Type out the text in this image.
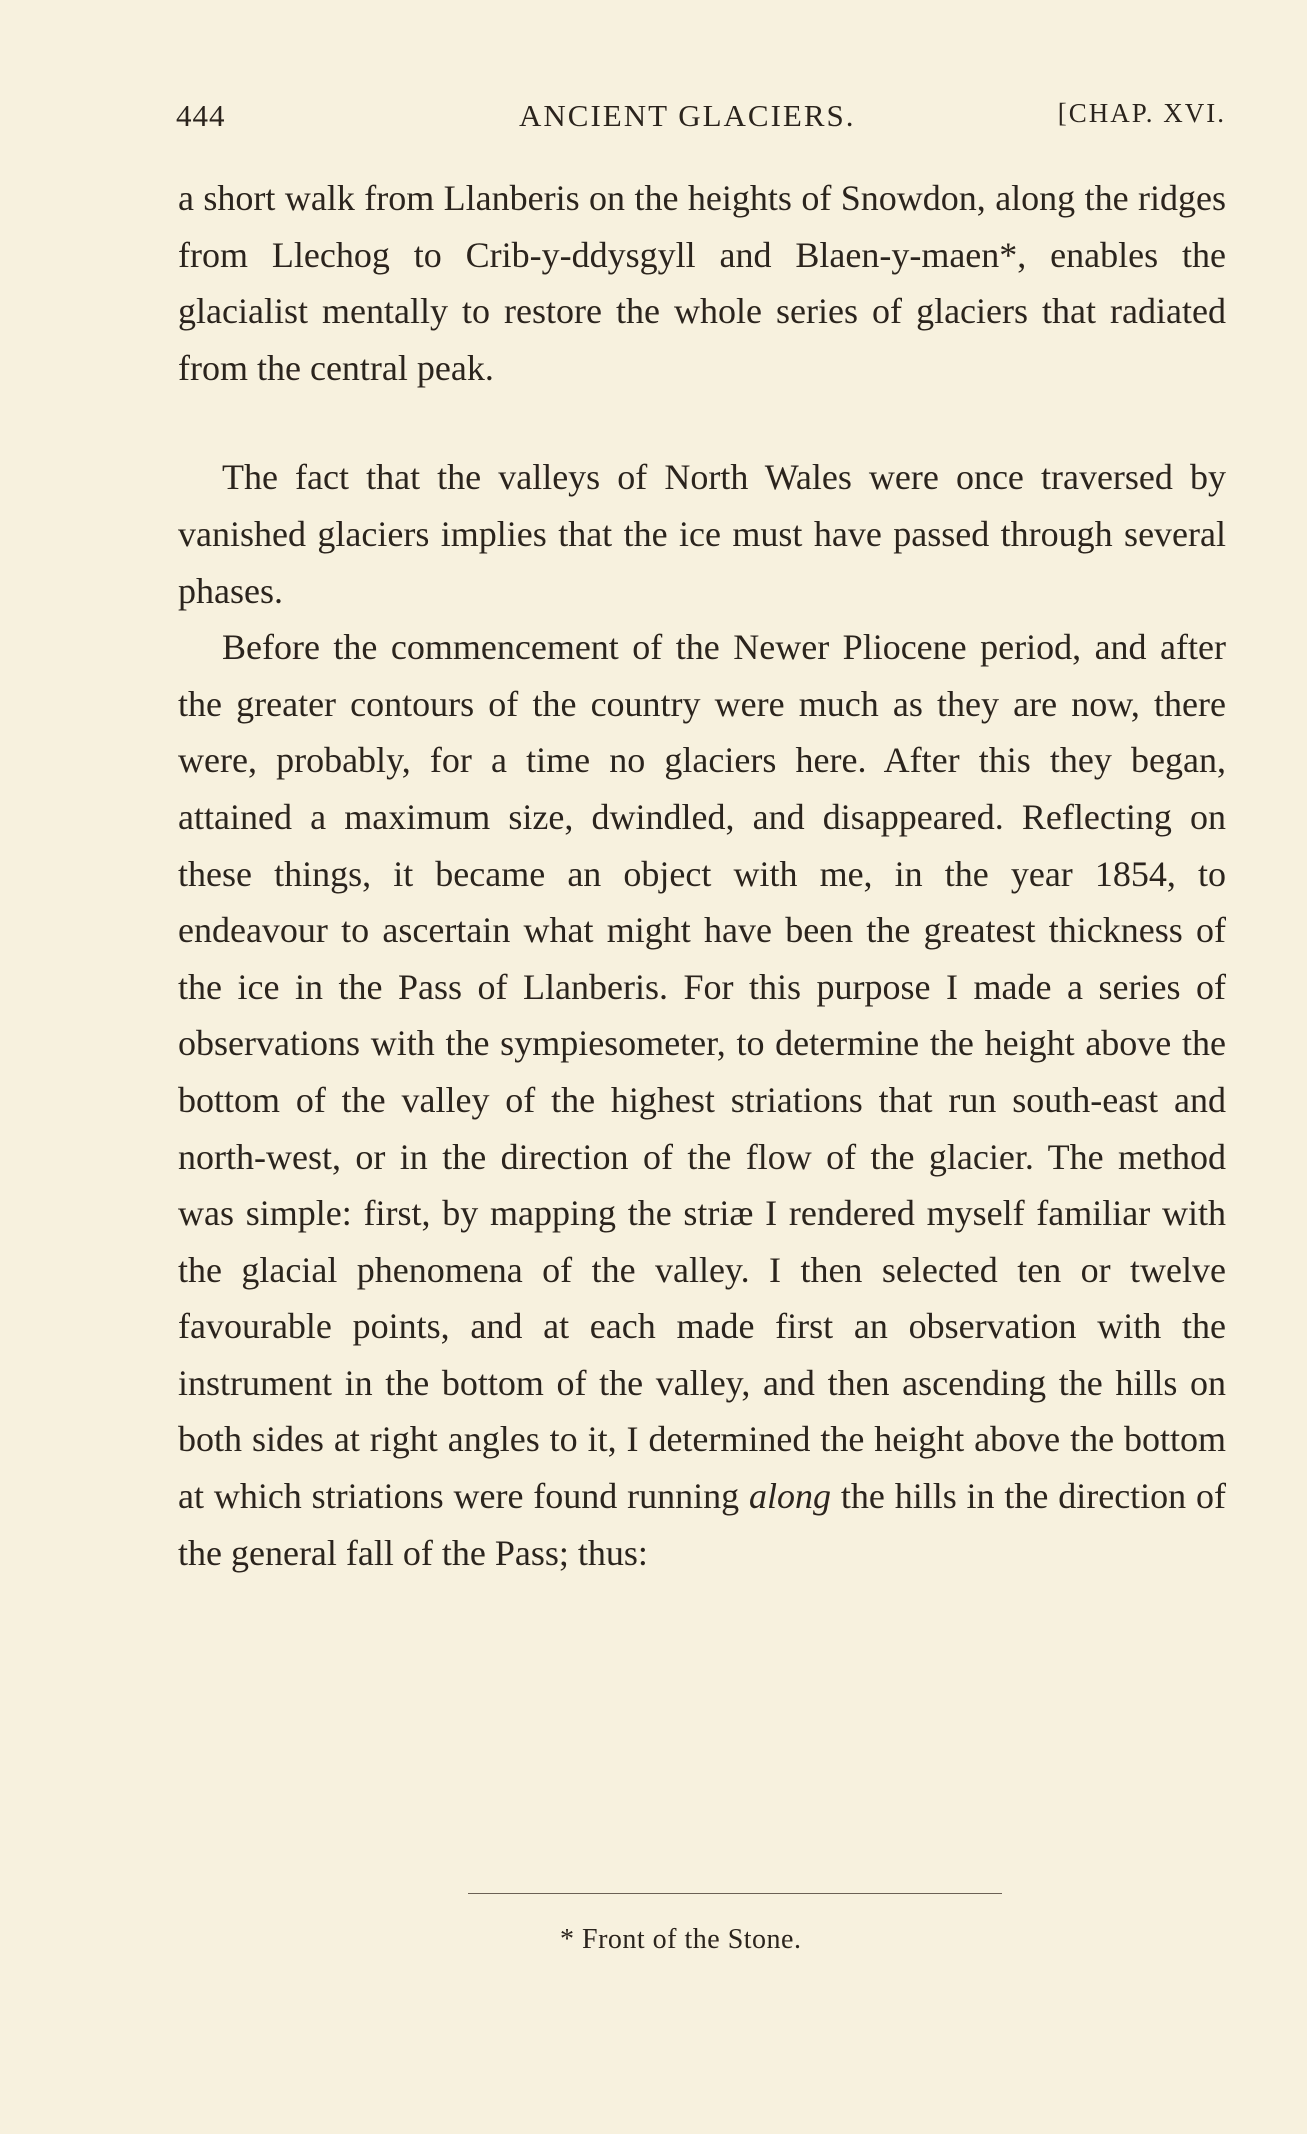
444	ANCIENT GLACIERS.	[CHAP. XVI.

a short walk from Llanberis on the heights of Snowdon, along the ridges from Llechog to Crib-y-ddysgyll and Blaen-y-maen*, enables the glacialist mentally to restore the whole series of glaciers that radiated from the central peak.

The fact that the valleys of North Wales were once traversed by vanished glaciers implies that the ice must have passed through several phases.

Before the commencement of the Newer Pliocene period, and after the greater contours of the country were much as they are now, there were, probably, for a time no glaciers here. After this they began, attained a maximum size, dwindled, and disappeared. Reflecting on these things, it became an object with me, in the year 1854, to endeavour to ascertain what might have been the greatest thickness of the ice in the Pass of Llanberis. For this purpose I made a series of observations with the sympiesometer, to determine the height above the bottom of the valley of the highest striations that run south-east and north-west, or in the direction of the flow of the glacier. The method was simple: first, by mapping the striæ I rendered myself familiar with the glacial phenomena of the valley. I then selected ten or twelve favourable points, and at each made first an observation with the instrument in the bottom of the valley, and then ascending the hills on both sides at right angles to it, I determined the height above the bottom at which striations were found running along the hills in the direction of the general fall of the Pass; thus:

* Front of the Stone.
